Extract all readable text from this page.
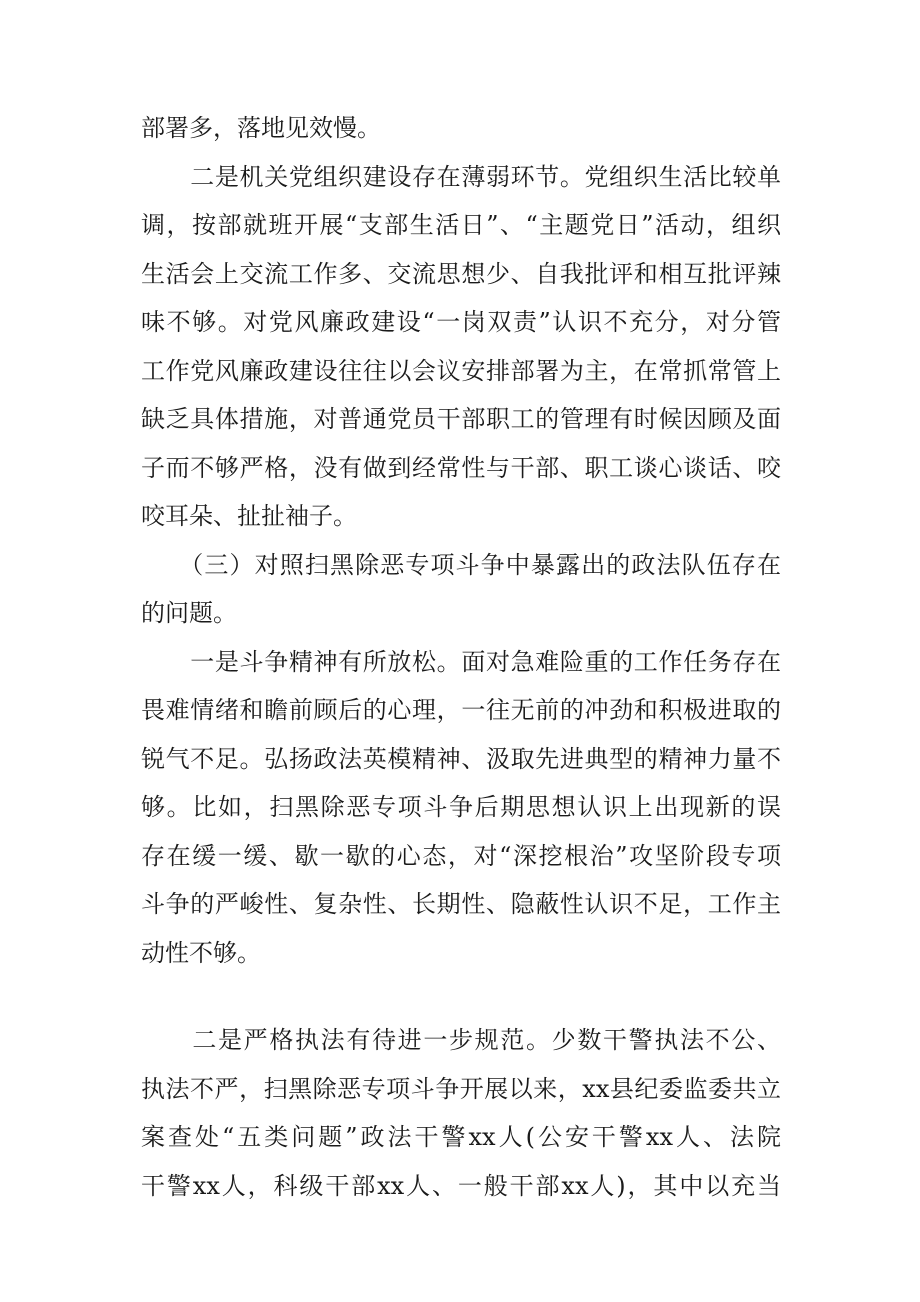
部署多，落地见效慢。
　　二是机关党组织建设存在薄弱环节。党组织生活比较单
调，按部就班开展“支部生活日”、“主题党日”活动，组织
生活会上交流工作多、交流思想少、自我批评和相互批评辣
味不够。对党风廉政建设“一岗双责”认识不充分，对分管
工作党风廉政建设往往以会议安排部署为主，在常抓常管上
缺乏具体措施，对普通党员干部职工的管理有时候因顾及面
子而不够严格，没有做到经常性与干部、职工谈心谈话、咬
咬耳朵、扯扯袖子。
　　（三）对照扫黑除恶专项斗争中暴露出的政法队伍存在
的问题。
　　一是斗争精神有所放松。面对急难险重的工作任务存在
畏难情绪和瞻前顾后的心理，一往无前的冲劲和积极进取的
锐气不足。弘扬政法英模精神、汲取先进典型的精神力量不
够。比如，扫黑除恶专项斗争后期思想认识上出现新的误
存在缓一缓、歇一歇的心态，对“深挖根治”攻坚阶段专项
斗争的严峻性、复杂性、长期性、隐蔽性认识不足，工作主
动性不够。
　　二是严格执法有待进一步规范。少数干警执法不公、
执法不严，扫黑除恶专项斗争开展以来，xx县纪委监委共立
案查处“五类问题”政法干警xx人(公安干警xx人、法院
干警xx人，科级干部xx人、一般干部xx人)，其中以充当
